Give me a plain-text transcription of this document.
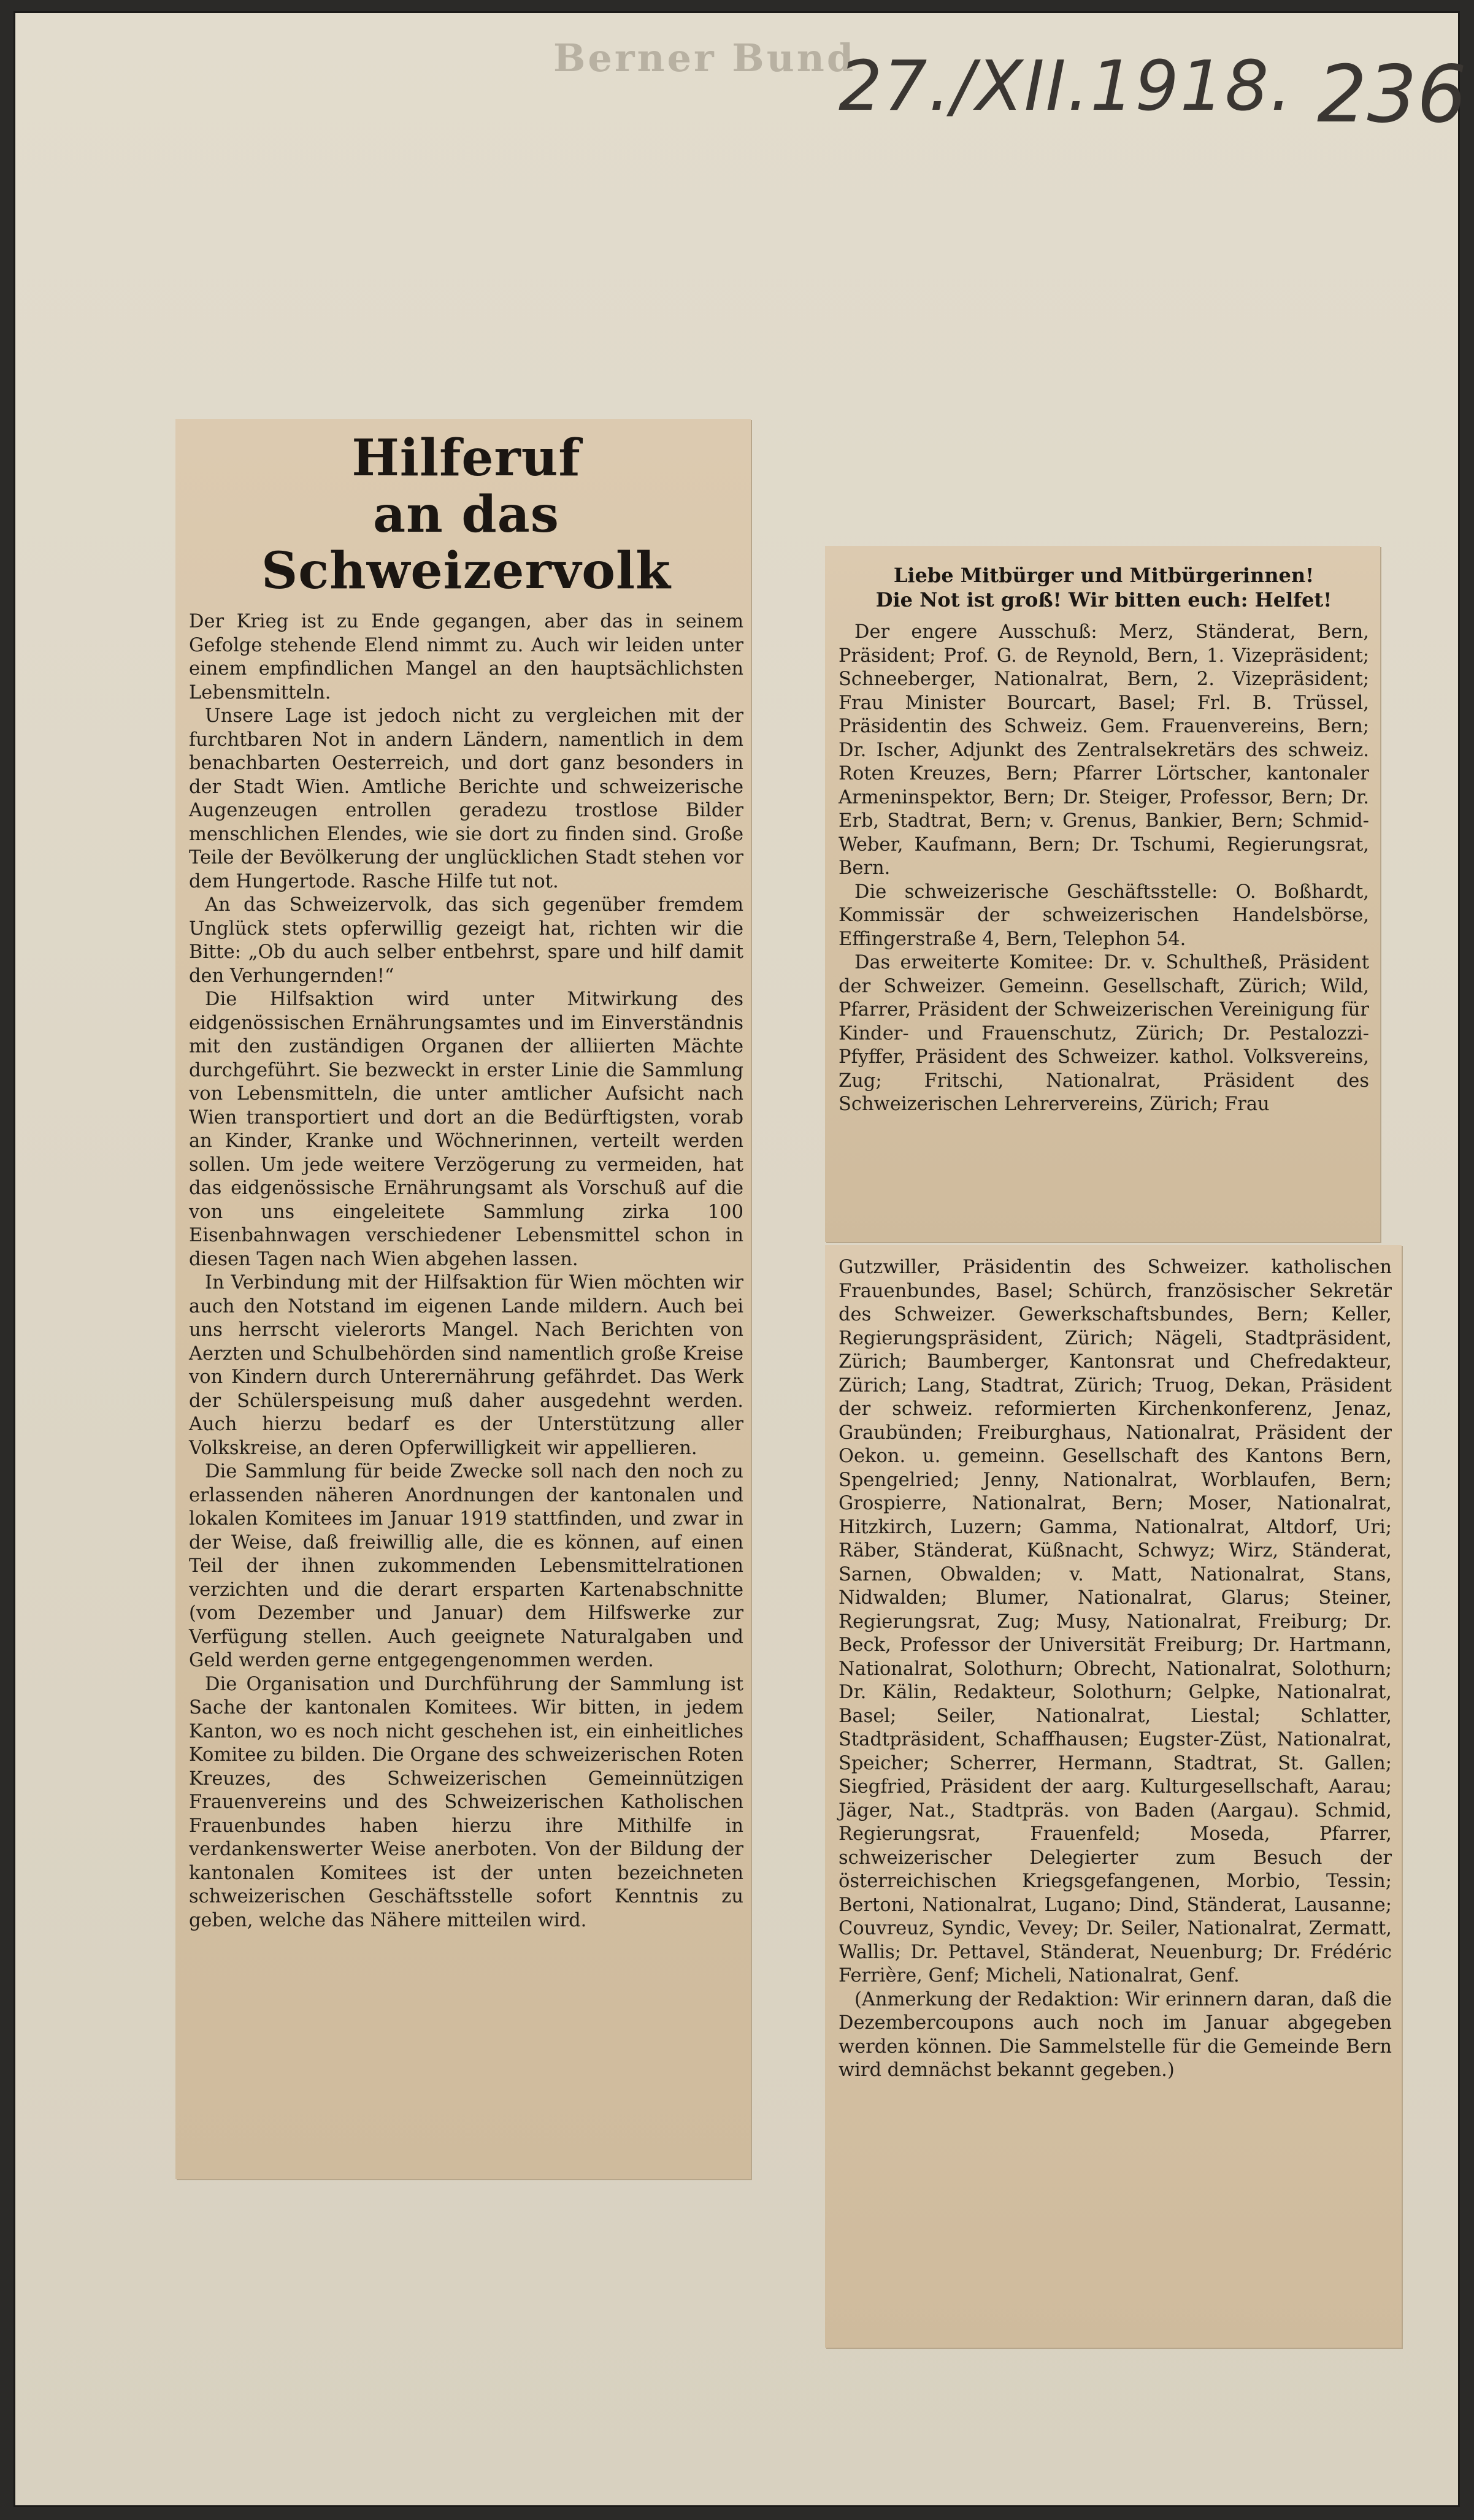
Berner Bund
27./XII.1918. 236
Hilferuf
an das Schweizervolk

Der Krieg ist zu Ende gegangen, aber das in seinem Gefolge stehende Elend nimmt zu. Auch wir leiden unter einem empfindlichen Mangel an den hauptsächlichsten Lebensmitteln.

Unsere Lage ist jedoch nicht zu vergleichen mit der furchtbaren Not in andern Ländern, namentlich in dem benachbarten Oesterreich, und dort ganz besonders in der Stadt Wien. Amtliche Berichte und schweizerische Augenzeugen entrollen geradezu trostlose Bilder menschlichen Elendes, wie sie dort zu finden sind. Große Teile der Bevölkerung der unglücklichen Stadt stehen vor dem Hungertode. Rasche Hilfe tut not.

An das Schweizervolk, das sich gegenüber fremdem Unglück stets opferwillig gezeigt hat, richten wir die Bitte: „Ob du auch selber entbehrst, spare und hilf damit den Verhungernden!“

Die Hilfsaktion wird unter Mitwirkung des eidgenössischen Ernährungsamtes und im Einverständnis mit den zuständigen Organen der alliierten Mächte durchgeführt. Sie bezweckt in erster Linie die Sammlung von Lebensmitteln, die unter amtlicher Aufsicht nach Wien transportiert und dort an die Bedürftigsten, vorab an Kinder, Kranke und Wöchnerinnen, verteilt werden sollen. Um jede weitere Verzögerung zu vermeiden, hat das eidgenössische Ernährungsamt als Vorschuß auf die von uns eingeleitete Sammlung zirka 100 Eisenbahnwagen verschiedener Lebensmittel schon in diesen Tagen nach Wien abgehen lassen.

In Verbindung mit der Hilfsaktion für Wien möchten wir auch den Notstand im eigenen Lande mildern. Auch bei uns herrscht vielerorts Mangel. Nach Berichten von Aerzten und Schulbehörden sind namentlich große Kreise von Kindern durch Unterernährung gefährdet. Das Werk der Schülerspeisung muß daher ausgedehnt werden. Auch hierzu bedarf es der Unterstützung aller Volkskreise, an deren Opferwilligkeit wir appellieren.

Die Sammlung für beide Zwecke soll nach den noch zu erlassenden näheren Anordnungen der kantonalen und lokalen Komitees im Januar 1919 stattfinden, und zwar in der Weise, daß freiwillig alle, die es können, auf einen Teil der ihnen zukommenden Lebensmittelrationen verzichten und die derart ersparten Kartenabschnitte (vom Dezember und Januar) dem Hilfswerke zur Verfügung stellen. Auch geeignete Naturalgaben und Geld werden gerne entgegengenommen werden.

Die Organisation und Durchführung der Sammlung ist Sache der kantonalen Komitees. Wir bitten, in jedem Kanton, wo es noch nicht geschehen ist, ein einheitliches Komitee zu bilden. Die Organe des schweizerischen Roten Kreuzes, des Schweizerischen Gemeinnützigen Frauenvereins und des Schweizerischen Katholischen Frauenbundes haben hierzu ihre Mithilfe in verdankenswerter Weise anerboten. Von der Bildung der kantonalen Komitees ist der unten bezeichneten schweizerischen Geschäftsstelle sofort Kenntnis zu geben, welche das Nähere mitteilen wird.

Liebe Mitbürger und Mitbürgerinnen!
Die Not ist groß! Wir bitten euch: Helfet!

Der engere Ausschuß: Merz, Ständerat, Bern, Präsident; Prof. G. de Reynold, Bern, 1. Vizepräsident; Schneeberger, Nationalrat, Bern, 2. Vizepräsident; Frau Minister Bourcart, Basel; Frl. B. Trüssel, Präsidentin des Schweiz. Gem. Frauenvereins, Bern; Dr. Ischer, Adjunkt des Zentralsekretärs des schweiz. Roten Kreuzes, Bern; Pfarrer Lörtscher, kantonaler Armeninspektor, Bern; Dr. Steiger, Professor, Bern; Dr. Erb, Stadtrat, Bern; v. Grenus, Bankier, Bern; Schmid-Weber, Kaufmann, Bern; Dr. Tschumi, Regierungsrat, Bern.

Die schweizerische Geschäftsstelle: O. Boßhardt, Kommissär der schweizerischen Handelsbörse, Effingerstraße 4, Bern, Telephon 54.

Das erweiterte Komitee: Dr. v. Schultheß, Präsident der Schweizer. Gemeinn. Gesellschaft, Zürich; Wild, Pfarrer, Präsident der Schweizerischen Vereinigung für Kinder- und Frauenschutz, Zürich; Dr. Pestalozzi-Pfyffer, Präsident des Schweizer. kathol. Volksvereins, Zug; Fritschi, Nationalrat, Präsident des Schweizerischen Lehrervereins, Zürich; Frau

Gutzwiller, Präsidentin des Schweizer. katholischen Frauenbundes, Basel; Schürch, französischer Sekretär des Schweizer. Gewerkschaftsbundes, Bern; Keller, Regierungspräsident, Zürich; Nägeli, Stadtpräsident, Zürich; Baumberger, Kantonsrat und Chefredakteur, Zürich; Lang, Stadtrat, Zürich; Truog, Dekan, Präsident der schweiz. reformierten Kirchenkonferenz, Jenaz, Graubünden; Freiburghaus, Nationalrat, Präsident der Oekon. u. gemeinn. Gesellschaft des Kantons Bern, Spengelried; Jenny, Nationalrat, Worblaufen, Bern; Grospierre, Nationalrat, Bern; Moser, Nationalrat, Hitzkirch, Luzern; Gamma, Nationalrat, Altdorf, Uri; Räber, Ständerat, Küßnacht, Schwyz; Wirz, Ständerat, Sarnen, Obwalden; v. Matt, Nationalrat, Stans, Nidwalden; Blumer, Nationalrat, Glarus; Steiner, Regierungsrat, Zug; Musy, Nationalrat, Freiburg; Dr. Beck, Professor der Universität Freiburg; Dr. Hartmann, Nationalrat, Solothurn; Obrecht, Nationalrat, Solothurn; Dr. Kälin, Redakteur, Solothurn; Gelpke, Nationalrat, Basel; Seiler, Nationalrat, Liestal; Schlatter, Stadtpräsident, Schaffhausen; Eugster-Züst, Nationalrat, Speicher; Scherrer, Hermann, Stadtrat, St. Gallen; Siegfried, Präsident der aarg. Kulturgesellschaft, Aarau; Jäger, Nat., Stadtpräs. von Baden (Aargau). Schmid, Regierungsrat, Frauenfeld; Moseda, Pfarrer, schweizerischer Delegierter zum Besuch der österreichischen Kriegsgefangenen, Morbio, Tessin; Bertoni, Nationalrat, Lugano; Dind, Ständerat, Lausanne; Couvreuz, Syndic, Vevey; Dr. Seiler, Nationalrat, Zermatt, Wallis; Dr. Pettavel, Ständerat, Neuenburg; Dr. Frédéric Ferrière, Genf; Micheli, Nationalrat, Genf.

(Anmerkung der Redaktion: Wir erinnern daran, daß die Dezembercoupons auch noch im Januar abgegeben werden können. Die Sammelstelle für die Gemeinde Bern wird demnächst bekannt gegeben.)
